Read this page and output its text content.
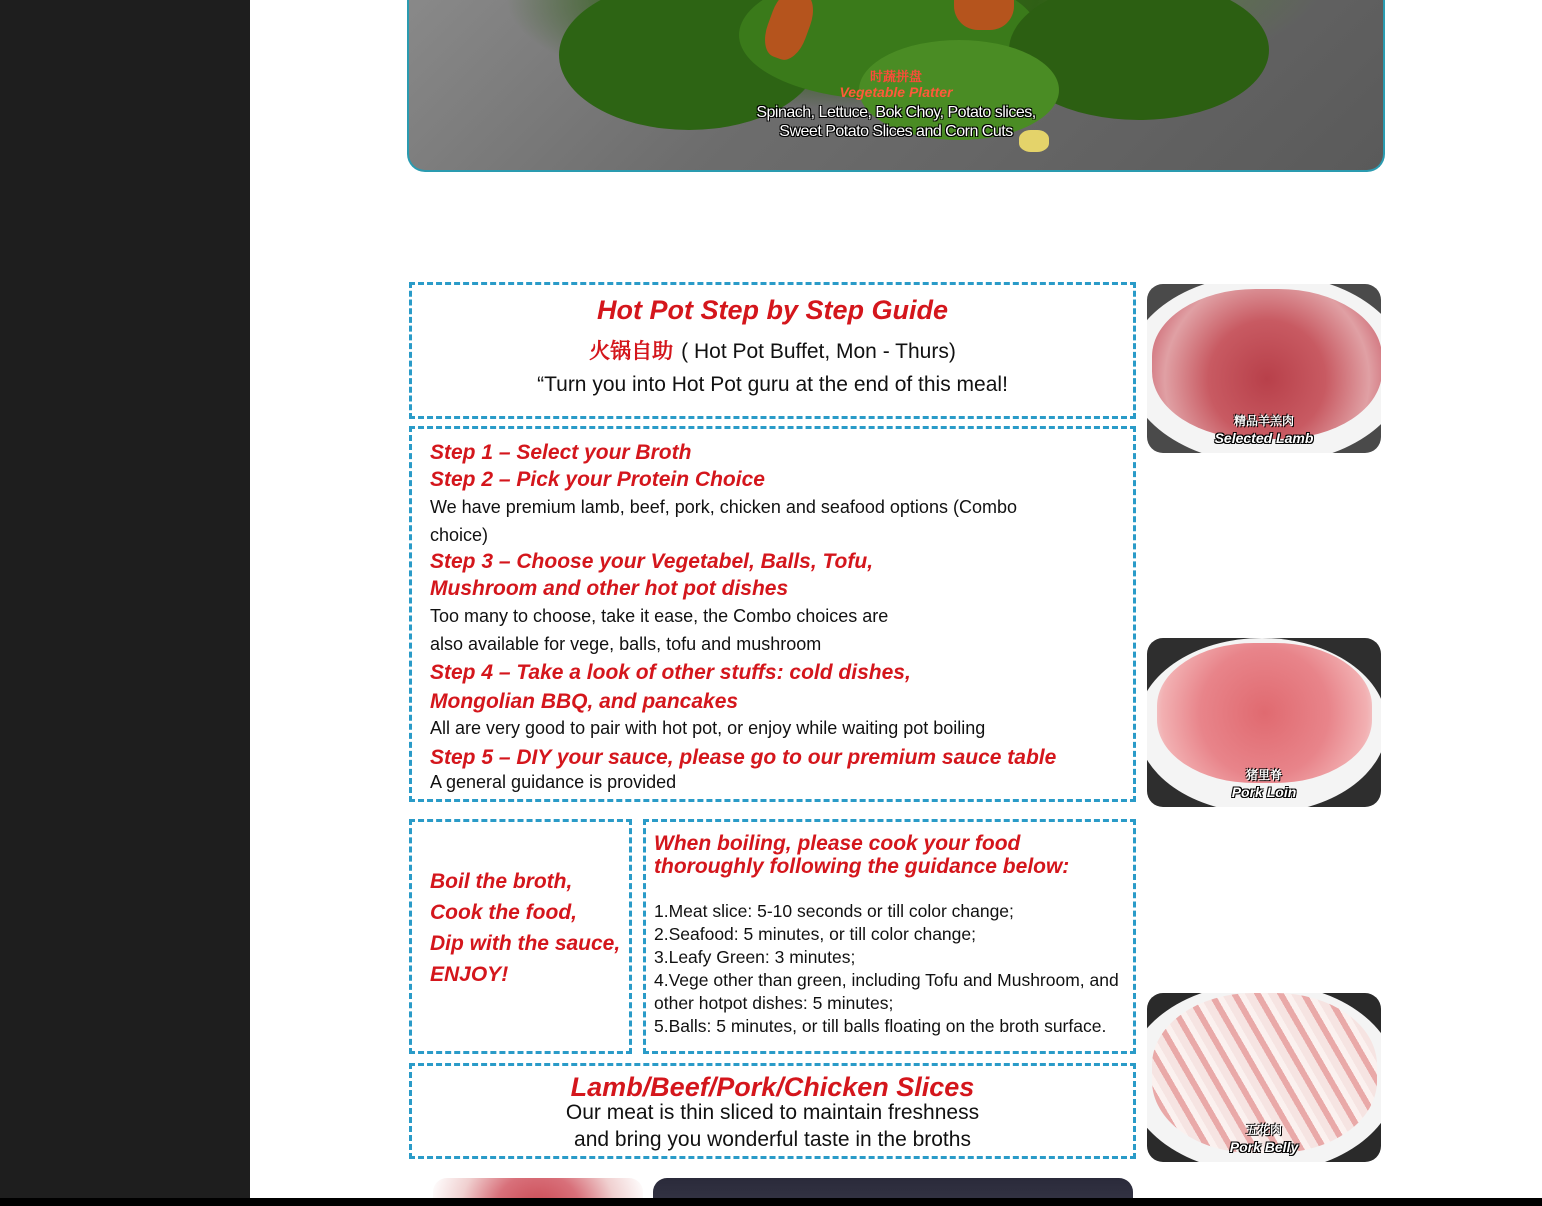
时蔬拼盘
Vegetable Platter
Spinach, Lettuce, Bok Choy, Potato slices,
Sweet Potato Slices and Corn Cuts
Hot Pot Step by Step Guide
火锅自助 ( Hot Pot Buffet, Mon - Thurs)
“Turn you into Hot Pot guru at the end of this meal!

Step 1 – Select your Broth

Step 2 – Pick your Protein Choice

We have premium lamb, beef, pork, chicken and seafood options (Combo choice)

Step 3 – Choose your Vegetabel, Balls, Tofu, Mushroom and other hot pot dishes

Too many to choose, take it ease, the Combo choices are

also available for vege, balls, tofu and mushroom

Step 4 – Take a look of other stuffs: cold dishes, Mongolian BBQ, and pancakes

All are very good to pair with hot pot, or enjoy while waiting pot boiling

Step 5 – DIY your sauce, please go to our premium sauce table

A general guidance is provided

Boil the broth,
Cook the food,
Dip with the sauce,
ENJOY!
When boiling, please cook your food thoroughly following the guidance below:
1.Meat slice: 5-10 seconds or till color change;
2.Seafood: 5 minutes, or till color change;
3.Leafy Green: 3 minutes;
4.Vege other than green, including Tofu and Mushroom, and other hotpot dishes: 5 minutes;
5.Balls: 5 minutes, or till balls floating on the broth surface.
Lamb/Beef/Pork/Chicken Slices
Our meat is thin sliced to maintain freshness
and bring you wonderful taste in the broths
精品羊羔肉
Selected Lamb
猪里脊
Pork Loin
五花肉
Pork Belly
